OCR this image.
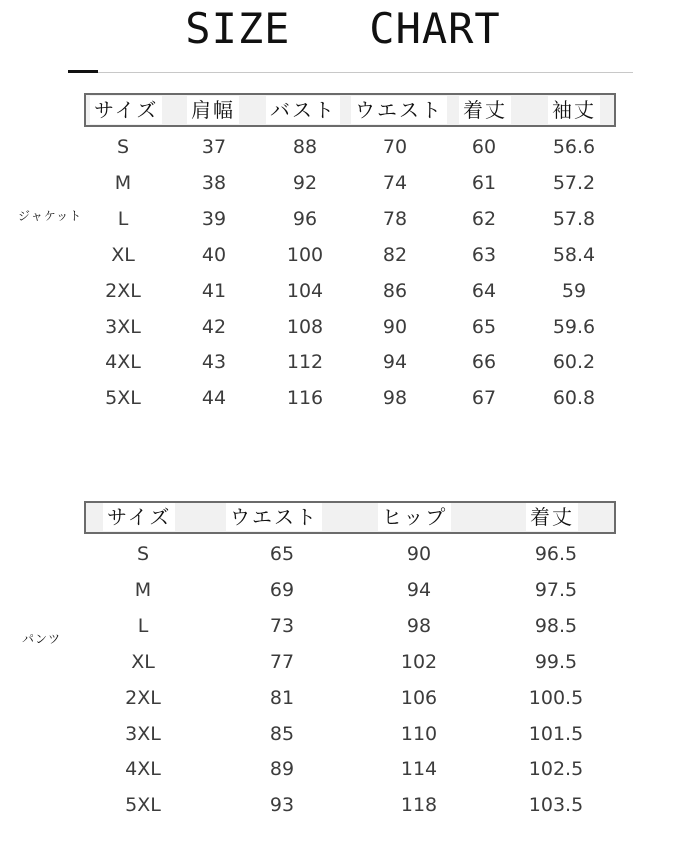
SIZE   CHART
ジャケット
サイズ 肩幅 バスト ウエスト 着丈 袖丈
S	37	88	70	60	56.6
M	38	92	74	61	57.2
L	39	96	78	62	57.8
XL	40	100	82	63	58.4
2XL	41	104	86	64	59
3XL	42	108	90	65	59.6
4XL	43	112	94	66	60.2
5XL	44	116	98	67	60.8
パンツ
サイズ	ウエスト	ヒップ	着丈
S	65	90	96.5
M	69	94	97.5
L	73	98	98.5
XL	77	102	99.5
2XL	81	106	100.5
3XL	85	110	101.5
4XL	89	114	102.5
5XL	93	118	103.5
